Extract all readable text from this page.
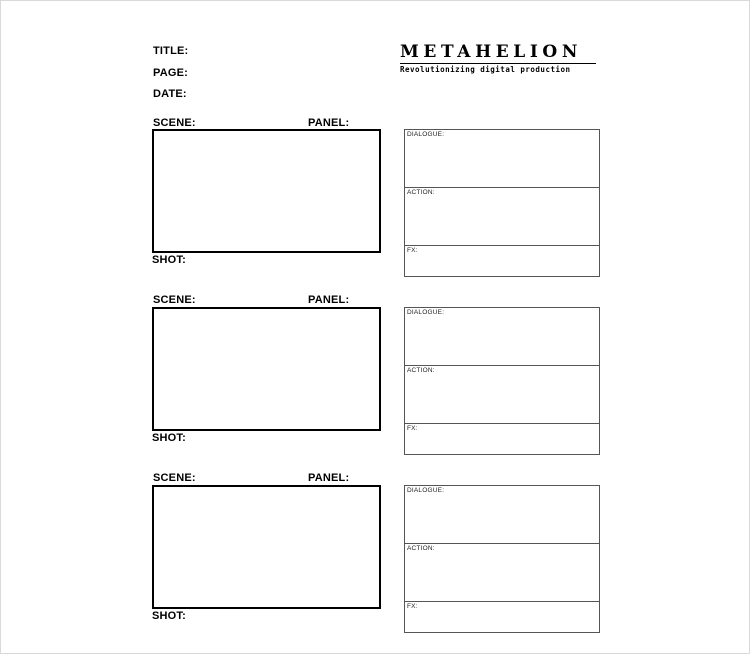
TITLE:
PAGE:
DATE:
METAHELION
Revolutionizing digital production
SCENE:	PANEL:
SHOT:
DIALOGUE:
ACTION:
FX:
SCENE:	PANEL:
SHOT:
DIALOGUE:
ACTION:
FX:
SCENE:	PANEL:
SHOT:
DIALOGUE:
ACTION:
FX:
